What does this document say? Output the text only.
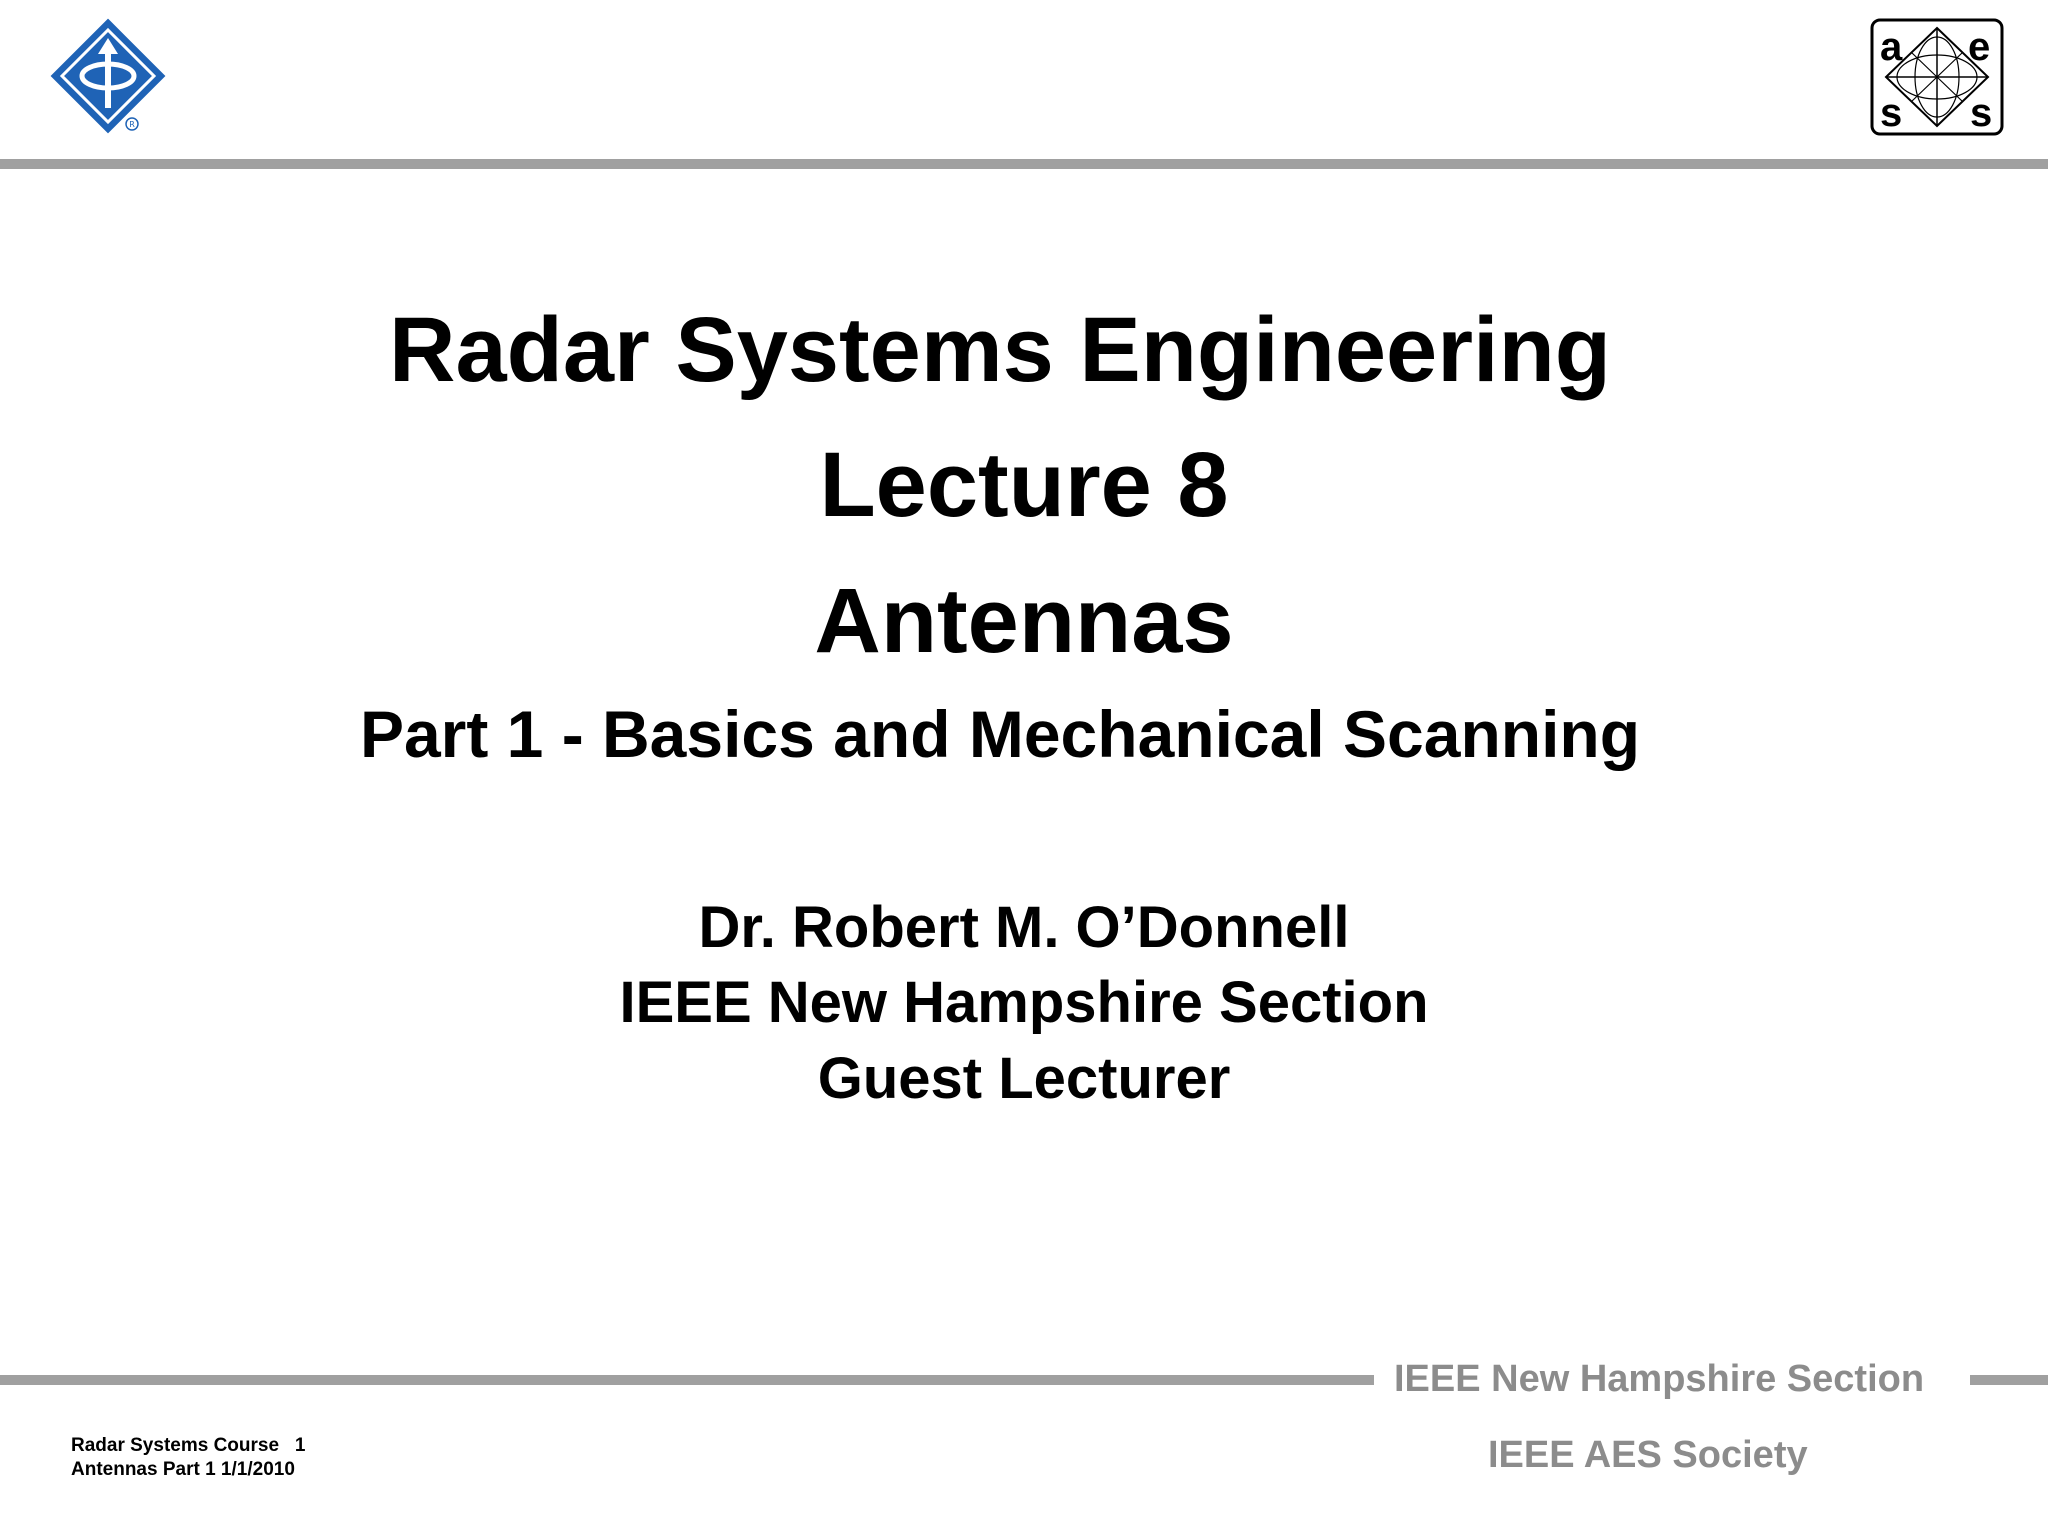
R
a e
s s
Radar Systems Engineering
Lecture 8
Antennas
Part 1 - Basics and Mechanical Scanning
Dr. Robert M. O’Donnell
IEEE New Hampshire Section
Guest Lecturer
IEEE New Hampshire Section
IEEE AES Society
Radar Systems Course   1
Antennas Part 1 1/1/2010
